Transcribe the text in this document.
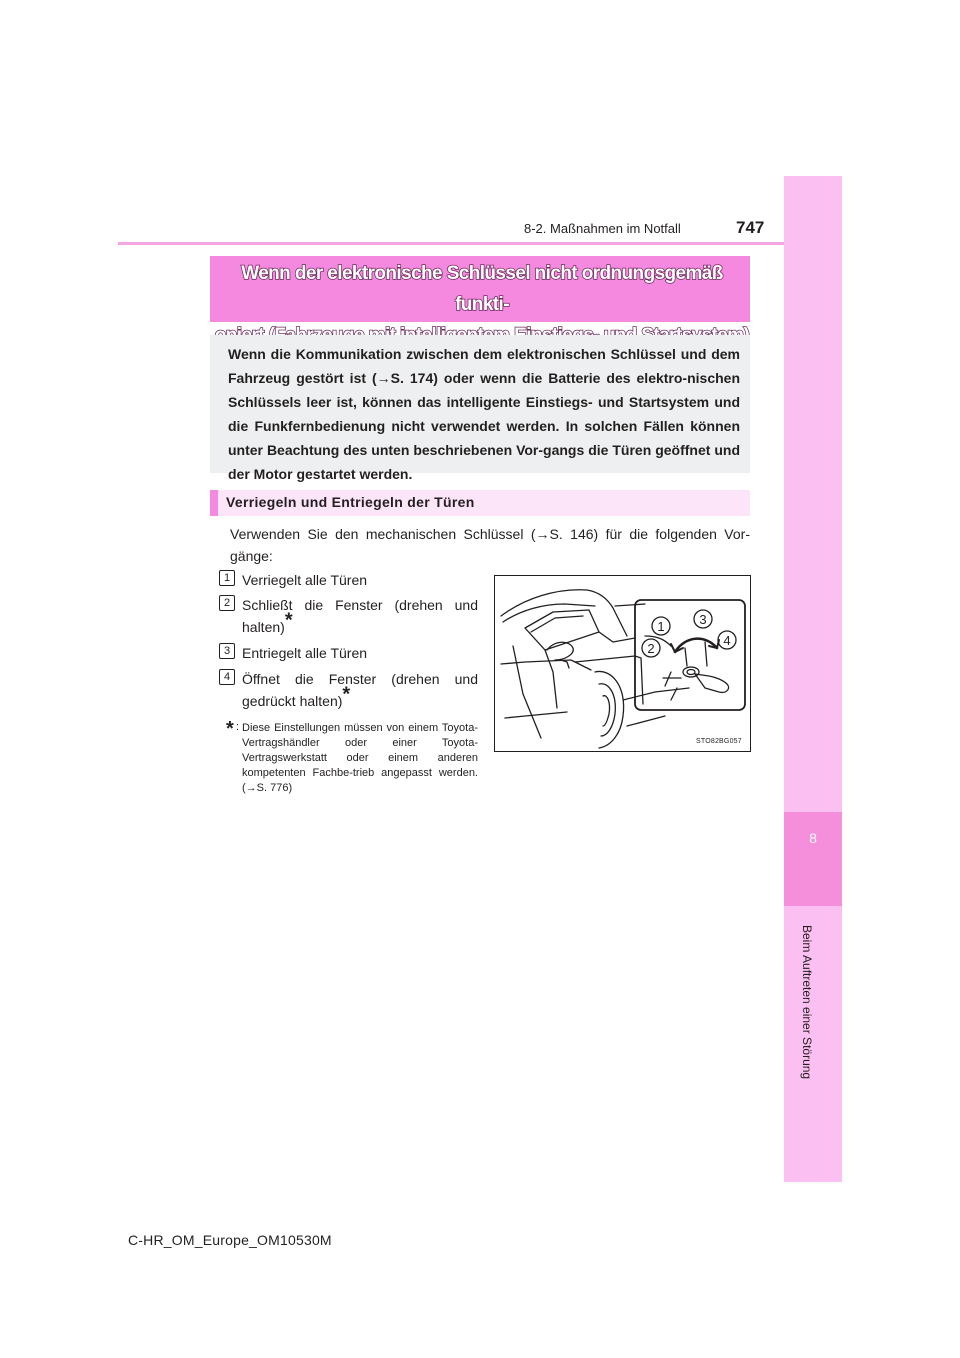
8-2. Maßnahmen im Notfall	747
8
Beim Auftreten einer Störung
Wenn der elektronische Schlüssel nicht ordnungsgemäß funkti-
Wenn die Kommunikation zwischen dem elektronischen Schlüssel und dem Fahrzeug gestört ist (→S. 174) oder wenn die Batterie des elektro-nischen Schlüssels leer ist, können das intelligente Einstiegs- und Startsystem und die Funkfernbedienung nicht verwendet werden. In solchen Fällen können unter Beachtung des unten beschriebenen Vor-gangs die Türen geöffnet und der Motor gestartet werden.
Verriegeln und Entriegeln der Türen
Verwenden Sie den mechanischen Schlüssel (→S. 146) für die folgenden Vor-gänge:
1 Verriegelt alle Türen
2 Schließt die Fenster (drehen und halten)*
3 Entriegelt alle Türen
4 Öffnet die Fenster (drehen und gedrückt halten)*
* : Diese Einstellungen müssen von einem Toyota-Vertragshändler oder einer Toyota-Vertragswerkstatt oder einem anderen kompetenten Fachbe-trieb angepasst werden. (→S. 776)
1	3
2
4
STO82BG057
C-HR_OM_Europe_OM10530M
